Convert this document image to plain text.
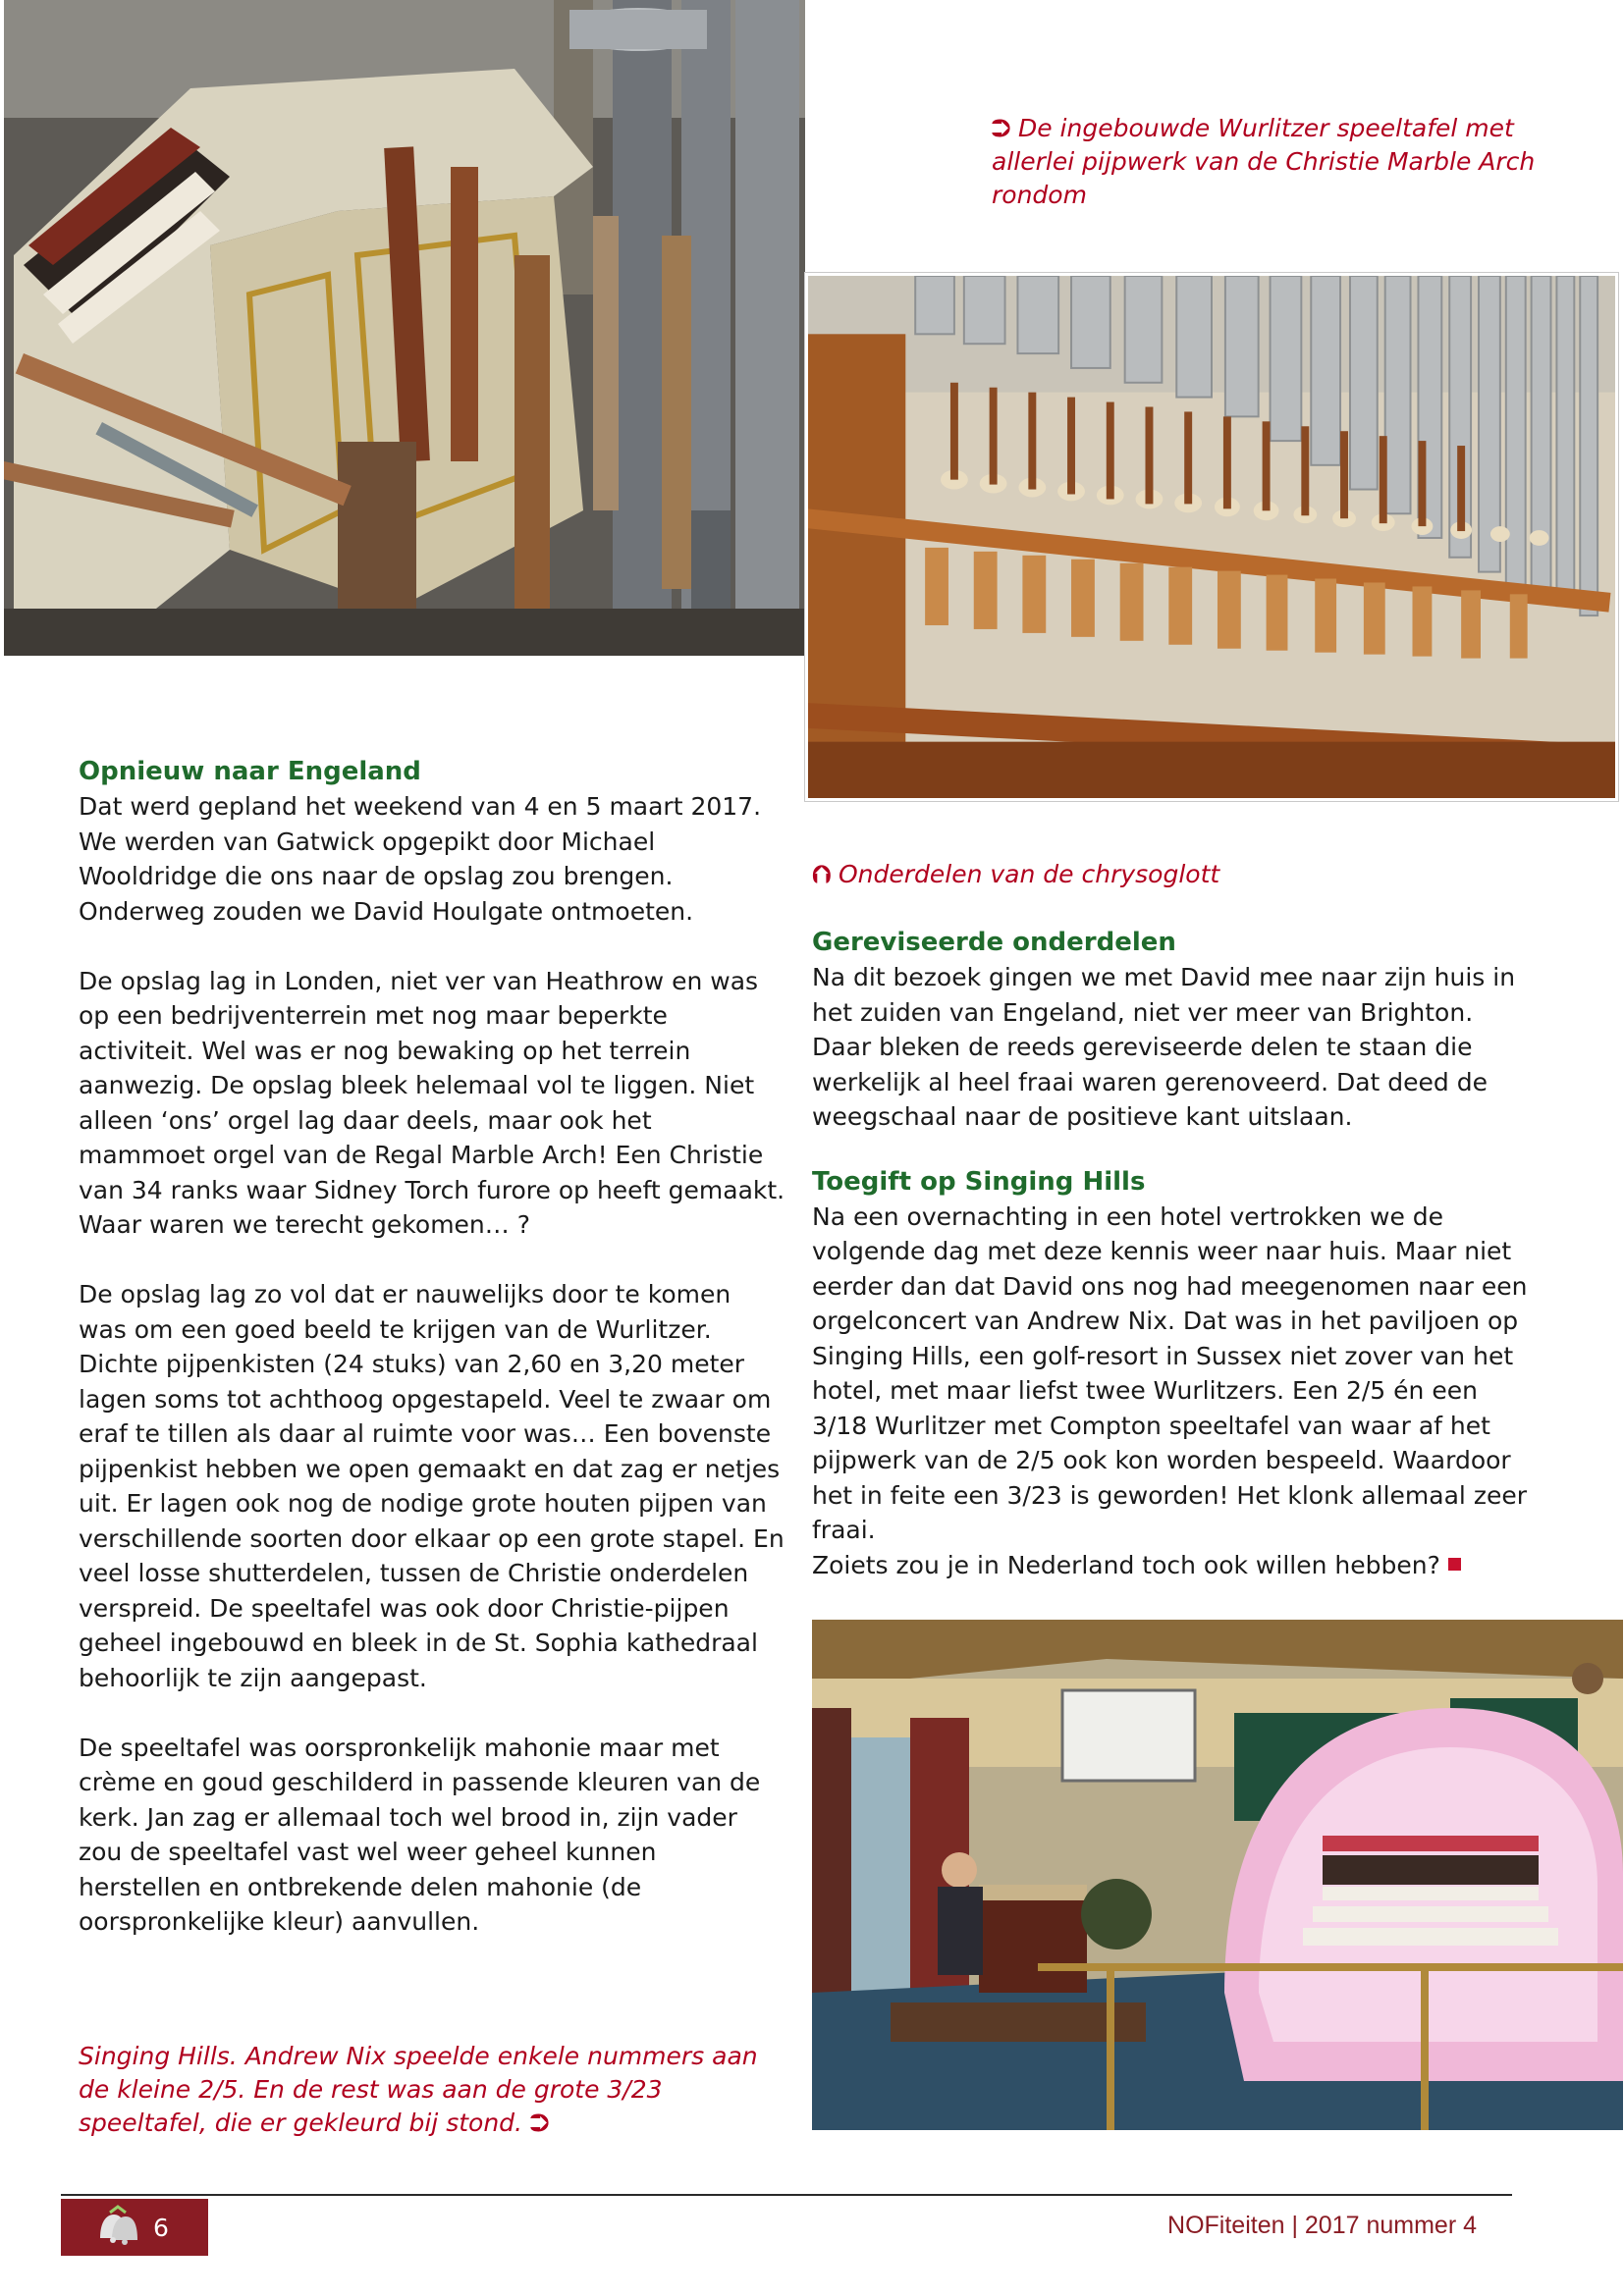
⮊ De ingebouwde Wurlitzer speeltafel met allerlei pijpwerk van de Christie Marble Arch rondom
⮉ Onderdelen van de chrysoglott
Opnieuw naar Engeland

Dat werd gepland het weekend van 4 en 5 maart 2017. We werden van Gatwick opgepikt door Michael Wooldridge die ons naar de opslag zou brengen. Onderweg zouden we David Houlgate ontmoeten.

De opslag lag in Londen, niet ver van Heathrow en was op een bedrijventerrein met nog maar beperkte activiteit. Wel was er nog bewaking op het terrein aanwezig. De opslag bleek helemaal vol te liggen. Niet alleen ‘ons’ orgel lag daar deels, maar ook het mammoet orgel van de Regal Marble Arch! Een Christie van 34 ranks waar Sidney Torch furore op heeft gemaakt. Waar waren we terecht gekomen… ?

De opslag lag zo vol dat er nauwelijks door te komen was om een goed beeld te krijgen van de Wurlitzer. Dichte pijpenkisten (24 stuks) van 2,60 en 3,20 meter lagen soms tot achthoog opgestapeld. Veel te zwaar om eraf te tillen als daar al ruimte voor was… Een bovenste pijpenkist hebben we open gemaakt en dat zag er netjes uit. Er lagen ook nog de nodige grote houten pijpen van verschillende soorten door elkaar op een grote stapel. En veel losse shutterdelen, tussen de Christie onderdelen verspreid. De speeltafel was ook door Christie-pijpen geheel ingebouwd en bleek in de St. Sophia kathedraal behoorlijk te zijn aangepast.

De speeltafel was oorspronkelijk mahonie maar met crème en goud geschilderd in passende kleuren van de kerk. Jan zag er allemaal toch wel brood in, zijn vader zou de speeltafel vast wel weer geheel kunnen herstellen en ontbrekende delen mahonie (de oorspronkelijke kleur) aanvullen.

Gereviseerde onderdelen

Na dit bezoek gingen we met David mee naar zijn huis in het zuiden van Engeland, niet ver meer van Brighton. Daar bleken de reeds gereviseerde delen te staan die werkelijk al heel fraai waren gerenoveerd. Dat deed de weegschaal naar de positieve kant uitslaan.

Toegift op Singing Hills

Na een overnachting in een hotel vertrokken we de volgende dag met deze kennis weer naar huis. Maar niet eerder dan dat David ons nog had meegenomen naar een orgelconcert van Andrew Nix. Dat was in het paviljoen op Singing Hills, een golf-resort in Sussex niet zover van het hotel, met maar liefst twee Wurlitzers. Een 2/5 én een 3/18 Wurlitzer met Compton speeltafel van waar af het pijpwerk van de 2/5 ook kon worden bespeeld. Waardoor het in feite een 3/23 is geworden! Het klonk allemaal zeer fraai.

Zoiets zou je in Nederland toch ook willen hebben?

Singing Hills. Andrew Nix speelde enkele nummers aan de kleine 2/5. En de rest was aan de grote 3/23 speeltafel, die er gekleurd bij stond. ⮊
6	NOFiteiten | 2017 nummer 4
